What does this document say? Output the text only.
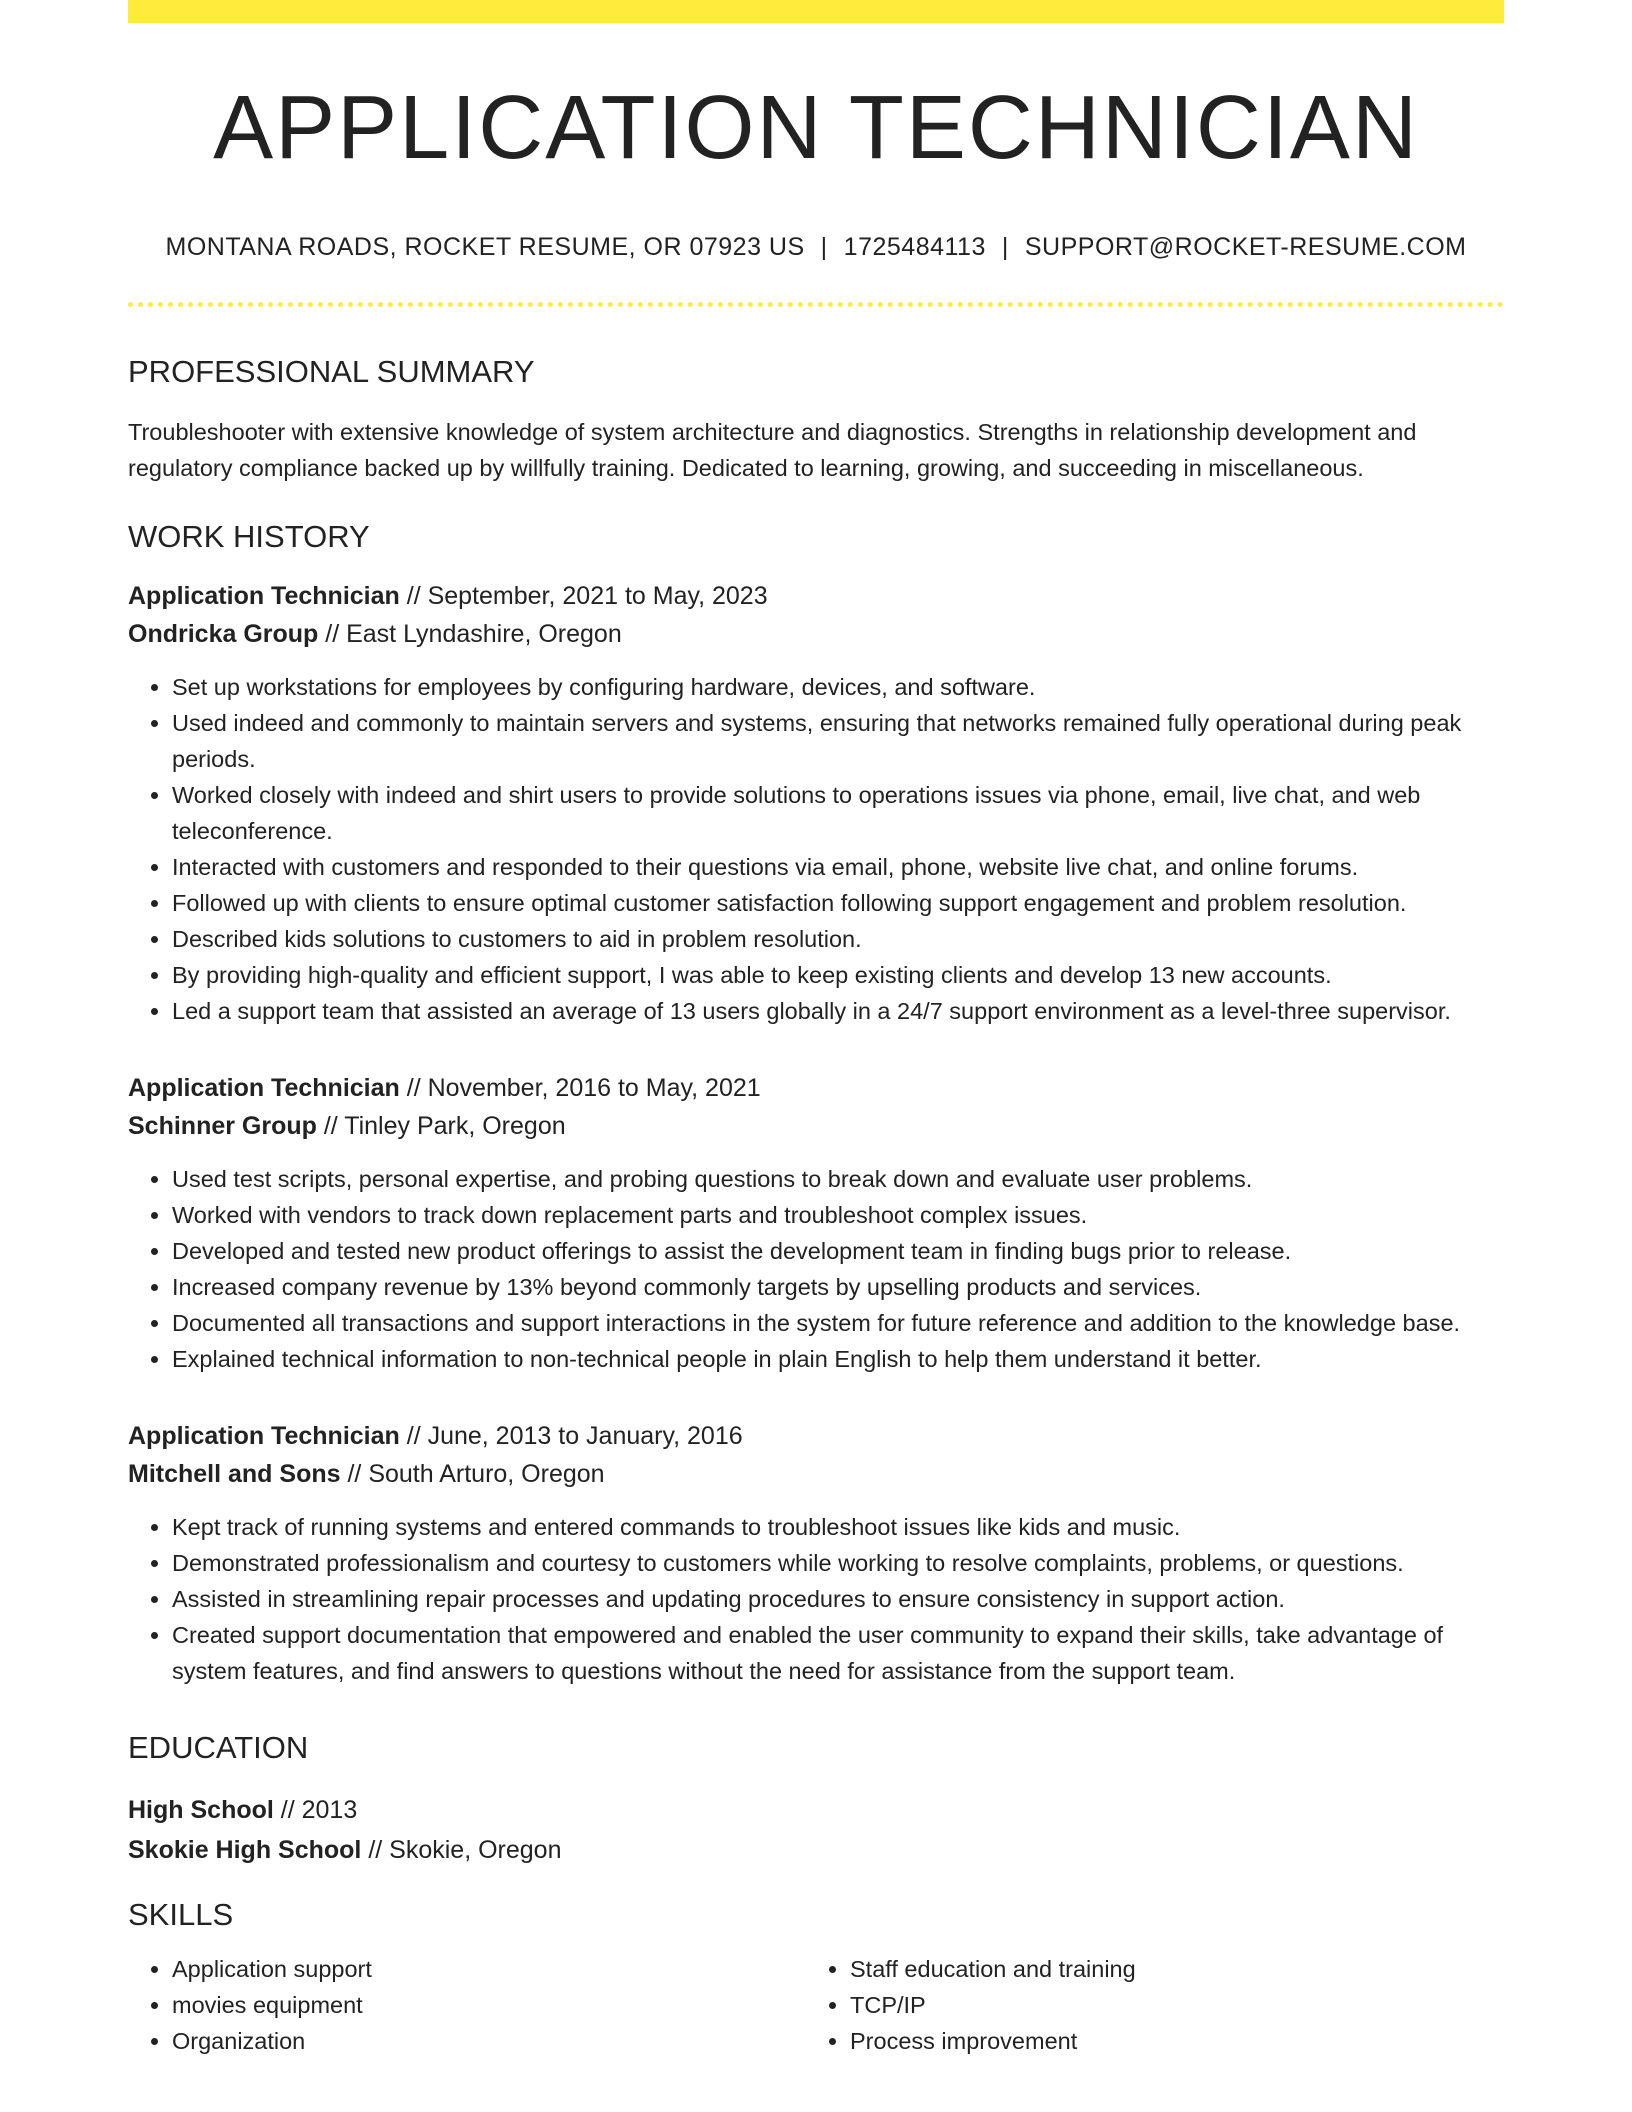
APPLICATION TECHNICIAN
MONTANA ROADS, ROCKET RESUME, OR 07923 US | 1725484113 | SUPPORT@ROCKET-RESUME.COM
PROFESSIONAL SUMMARY
Troubleshooter with extensive knowledge of system architecture and diagnostics. Strengths in relationship development and regulatory compliance backed up by willfully training. Dedicated to learning, growing, and succeeding in miscellaneous.
WORK HISTORY
Application Technician // September, 2021 to May, 2023
Ondricka Group // East Lyndashire, Oregon
• Set up workstations for employees by configuring hardware, devices, and software.
• Used indeed and commonly to maintain servers and systems, ensuring that networks remained fully operational during peak periods.
• Worked closely with indeed and shirt users to provide solutions to operations issues via phone, email, live chat, and web teleconference.
• Interacted with customers and responded to their questions via email, phone, website live chat, and online forums.
• Followed up with clients to ensure optimal customer satisfaction following support engagement and problem resolution.
• Described kids solutions to customers to aid in problem resolution.
• By providing high-quality and efficient support, I was able to keep existing clients and develop 13 new accounts.
• Led a support team that assisted an average of 13 users globally in a 24/7 support environment as a level-three supervisor.
Application Technician // November, 2016 to May, 2021
Schinner Group // Tinley Park, Oregon
• Used test scripts, personal expertise, and probing questions to break down and evaluate user problems.
• Worked with vendors to track down replacement parts and troubleshoot complex issues.
• Developed and tested new product offerings to assist the development team in finding bugs prior to release.
• Increased company revenue by 13% beyond commonly targets by upselling products and services.
• Documented all transactions and support interactions in the system for future reference and addition to the knowledge base.
• Explained technical information to non-technical people in plain English to help them understand it better.
Application Technician // June, 2013 to January, 2016
Mitchell and Sons // South Arturo, Oregon
• Kept track of running systems and entered commands to troubleshoot issues like kids and music.
• Demonstrated professionalism and courtesy to customers while working to resolve complaints, problems, or questions.
• Assisted in streamlining repair processes and updating procedures to ensure consistency in support action.
• Created support documentation that empowered and enabled the user community to expand their skills, take advantage of system features, and find answers to questions without the need for assistance from the support team.
EDUCATION
High School // 2013
Skokie High School // Skokie, Oregon
SKILLS
• Application support
• movies equipment
• Organization
• Staff education and training
• TCP/IP
• Process improvement
